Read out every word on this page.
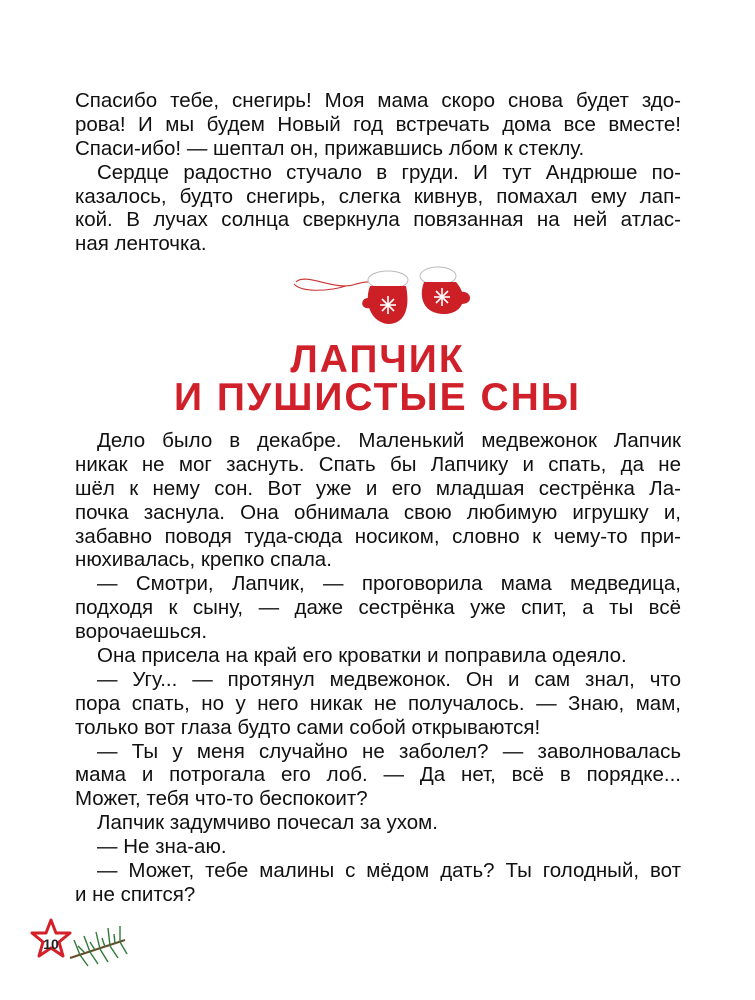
Спасибо тебе, снегирь! Моя мама скоро снова будет здо-
рова! И мы будем Новый год встречать дома все вместе!
Спаси-ибо! — шептал он, прижавшись лбом к стеклу.
Сердце радостно стучало в груди. И тут Андрюше по-
казалось, будто снегирь, слегка кивнув, помахал ему лап-
кой. В лучах солнца сверкнула повязанная на ней атлас-
ная ленточка.
ЛАПЧИК
И ПУШИСТЫЕ СНЫ
Дело было в декабре. Маленький медвежонок Лапчик
никак не мог заснуть. Спать бы Лапчику и спать, да не
шёл к нему сон. Вот уже и его младшая сестрёнка Ла-
почка заснула. Она обнимала свою любимую игрушку и,
забавно поводя туда-сюда носиком, словно к чему-то при-
нюхивалась, крепко спала.
— Смотри, Лапчик, — проговорила мама медведица,
подходя к сыну, — даже сестрёнка уже спит, а ты всё
ворочаешься.
Она присела на край его кроватки и поправила одеяло.
— Угу... — протянул медвежонок. Он и сам знал, что
пора спать, но у него никак не получалось. — Знаю, мам,
только вот глаза будто сами собой открываются!
— Ты у меня случайно не заболел? — заволновалась
мама и потрогала его лоб. — Да нет, всё в порядке...
Может, тебя что-то беспокоит?
Лапчик задумчиво почесал за ухом.
— Не зна-аю.
— Может, тебе малины с мёдом дать? Ты голодный, вот
и не спится?
10
